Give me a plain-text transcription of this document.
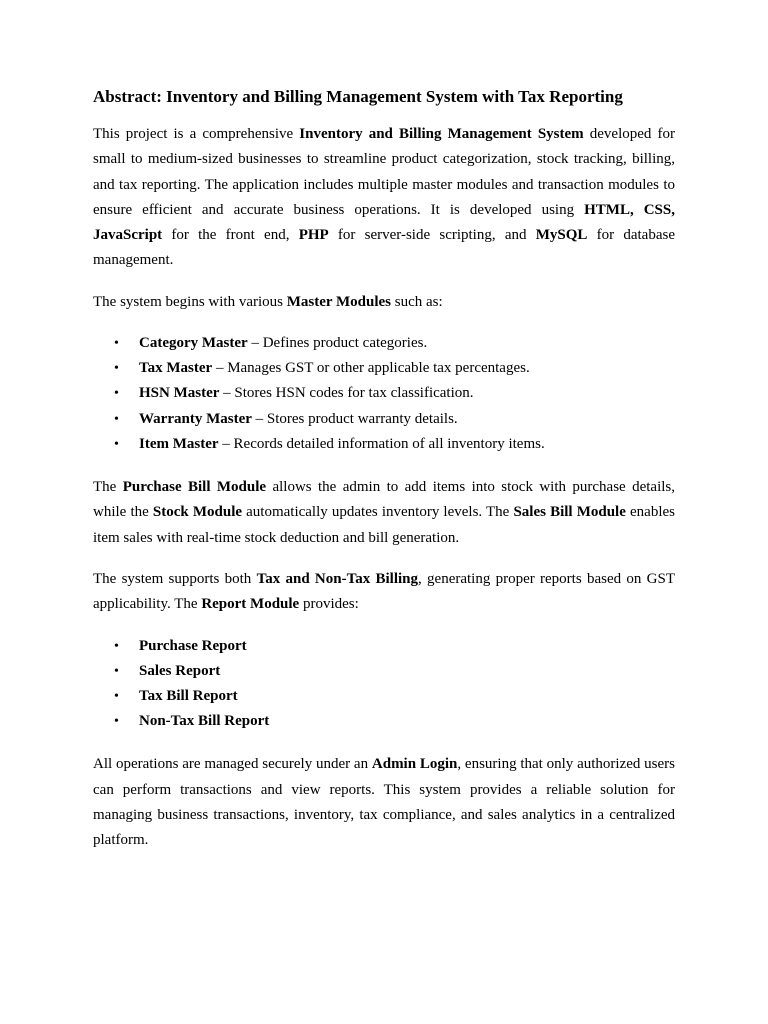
Abstract: Inventory and Billing Management System with Tax Reporting

This project is a comprehensive Inventory and Billing Management System developed for small to medium-sized businesses to streamline product categorization, stock tracking, billing, and tax reporting. The application includes multiple master modules and transaction modules to ensure efficient and accurate business operations. It is developed using HTML, CSS, JavaScript for the front end, PHP for server-side scripting, and MySQL for database management.

The system begins with various Master Modules such as:

• Category Master – Defines product categories.
• Tax Master – Manages GST or other applicable tax percentages.
• HSN Master – Stores HSN codes for tax classification.
• Warranty Master – Stores product warranty details.
• Item Master – Records detailed information of all inventory items.

The Purchase Bill Module allows the admin to add items into stock with purchase details, while the Stock Module automatically updates inventory levels. The Sales Bill Module enables item sales with real-time stock deduction and bill generation.

The system supports both Tax and Non-Tax Billing, generating proper reports based on GST applicability. The Report Module provides:

• Purchase Report
• Sales Report
• Tax Bill Report
• Non-Tax Bill Report

All operations are managed securely under an Admin Login, ensuring that only authorized users can perform transactions and view reports. This system provides a reliable solution for managing business transactions, inventory, tax compliance, and sales analytics in a centralized platform.
